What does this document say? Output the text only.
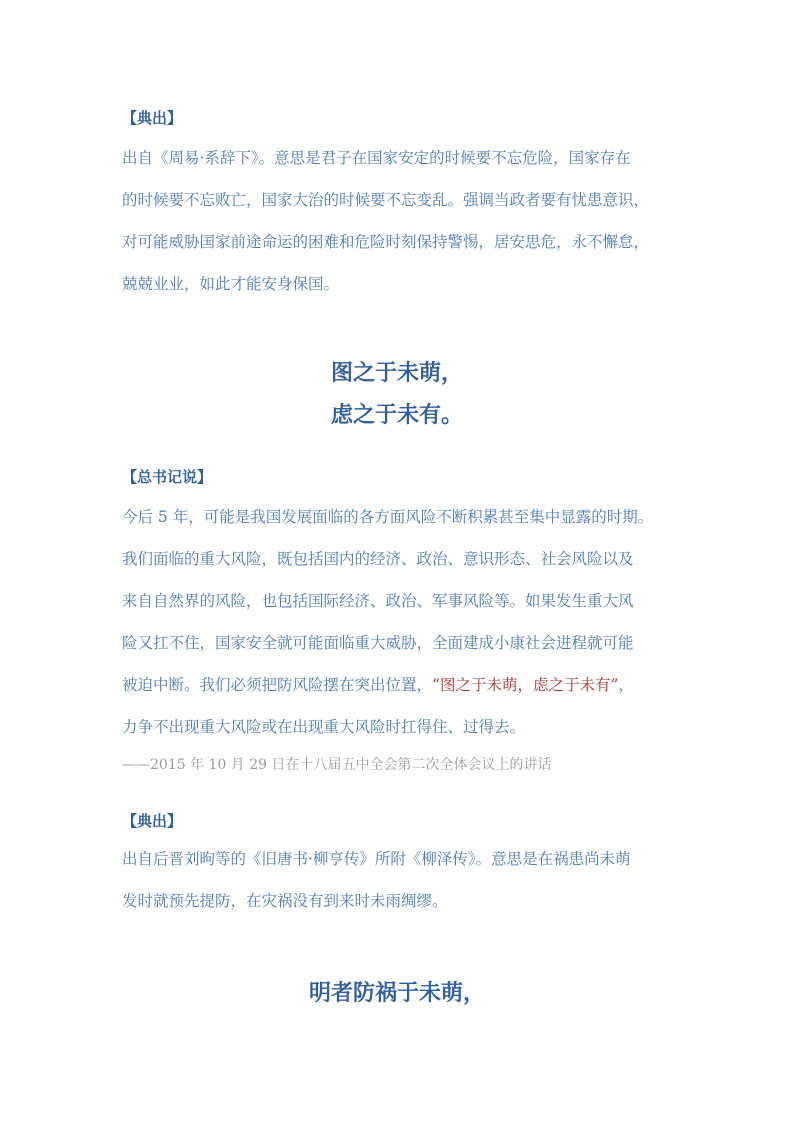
【典出】
出自《周易·系辞下》。意思是君子在国家安定的时候要不忘危险，国家存在
的时候要不忘败亡，国家大治的时候要不忘变乱。强调当政者要有忧患意识，
对可能威胁国家前途命运的困难和危险时刻保持警惕，居安思危，永不懈怠，
兢兢业业，如此才能安身保国。
图之于未萌，
虑之于未有。
【总书记说】
今后 5 年，可能是我国发展面临的各方面风险不断积累甚至集中显露的时期。
我们面临的重大风险，既包括国内的经济、政治、意识形态、社会风险以及
来自自然界的风险，也包括国际经济、政治、军事风险等。如果发生重大风
险又扛不住，国家安全就可能面临重大威胁，全面建成小康社会进程就可能
被迫中断。我们必须把防风险摆在突出位置，“图之于未萌，虑之于未有”，
力争不出现重大风险或在出现重大风险时扛得住、过得去。
——2015 年 10 月 29 日在十八届五中全会第二次全体会议上的讲话
【典出】
出自后晋刘昫等的《旧唐书·柳亨传》所附《柳泽传》。意思是在祸患尚未萌
发时就预先提防，在灾祸没有到来时未雨绸缪。
明者防祸于未萌，
